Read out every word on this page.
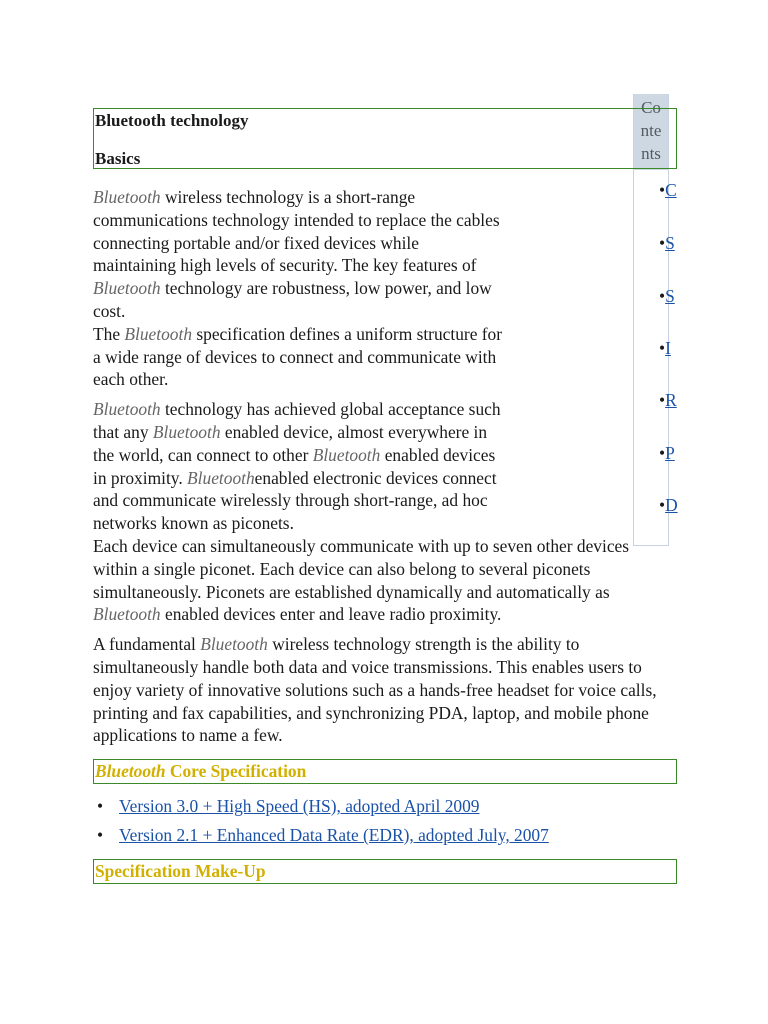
Co
nte
nts
•C
•S
•S
•I
•R
•P
•D
Bluetooth technology
Basics

Bluetooth wireless technology is a short-range communications technology intended to replace the cables connecting portable and/or fixed devices while maintaining high levels of security. The key features of Bluetooth technology are robustness, low power, and low cost.
The Bluetooth specification defines a uniform structure for a wide range of devices to connect and communicate with each other.

Bluetooth technology has achieved global acceptance such that any Bluetooth enabled device, almost everywhere in the world, can connect to other Bluetooth enabled devices in proximity. Bluetoothenabled electronic devices connect and communicate wirelessly through short-range, ad hoc networks known as piconets.
Each device can simultaneously communicate with up to seven other devices within a single piconet. Each device can also belong to several piconets simultaneously. Piconets are established dynamically and automatically as Bluetooth enabled devices enter and leave radio proximity.

A fundamental Bluetooth wireless technology strength is the ability to simultaneously handle both data and voice transmissions. This enables users to enjoy variety of innovative solutions such as a hands-free headset for voice calls, printing and fax capabilities, and synchronizing PDA, laptop, and mobile phone applications to name a few.

Bluetooth Core Specification
• Version 3.0 + High Speed (HS), adopted April 2009
• Version 2.1 + Enhanced Data Rate (EDR), adopted July, 2007
Specification Make-Up
